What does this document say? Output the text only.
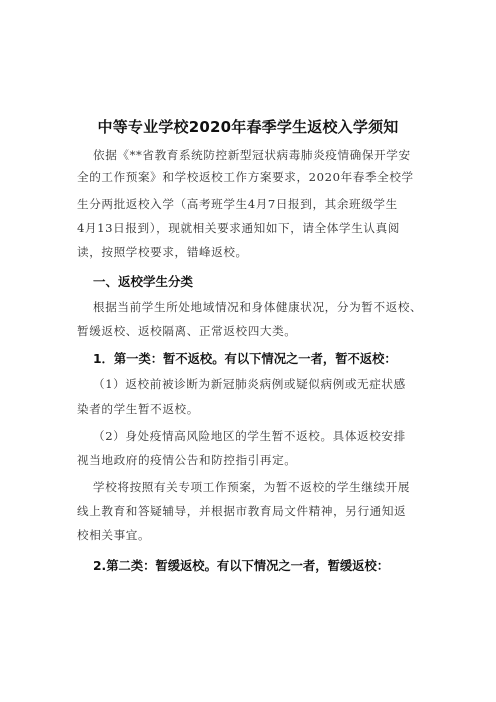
中等专业学校2020年春季学生返校入学须知
依据《**省教育系统防控新型冠状病毒肺炎疫情确保开学安
全的工作预案》和学校返校工作方案要求，2020年春季全校学
生分两批返校入学（高考班学生4月7日报到，其余班级学生
4月13日报到），现就相关要求通知如下，请全体学生认真阅
读，按照学校要求，错峰返校。
一、返校学生分类
根据当前学生所处地域情况和身体健康状况，分为暂不返校、
暂缓返校、返校隔离、正常返校四大类。
1．第一类：暂不返校。有以下情况之一者，暂不返校：
（1）返校前被诊断为新冠肺炎病例或疑似病例或无症状感
染者的学生暂不返校。
（2）身处疫情高风险地区的学生暂不返校。具体返校安排
视当地政府的疫情公告和防控指引再定。
学校将按照有关专项工作预案，为暂不返校的学生继续开展
线上教育和答疑辅导，并根据市教育局文件精神，另行通知返
校相关事宜。
2.第二类：暂缓返校。有以下情况之一者，暂缓返校：
